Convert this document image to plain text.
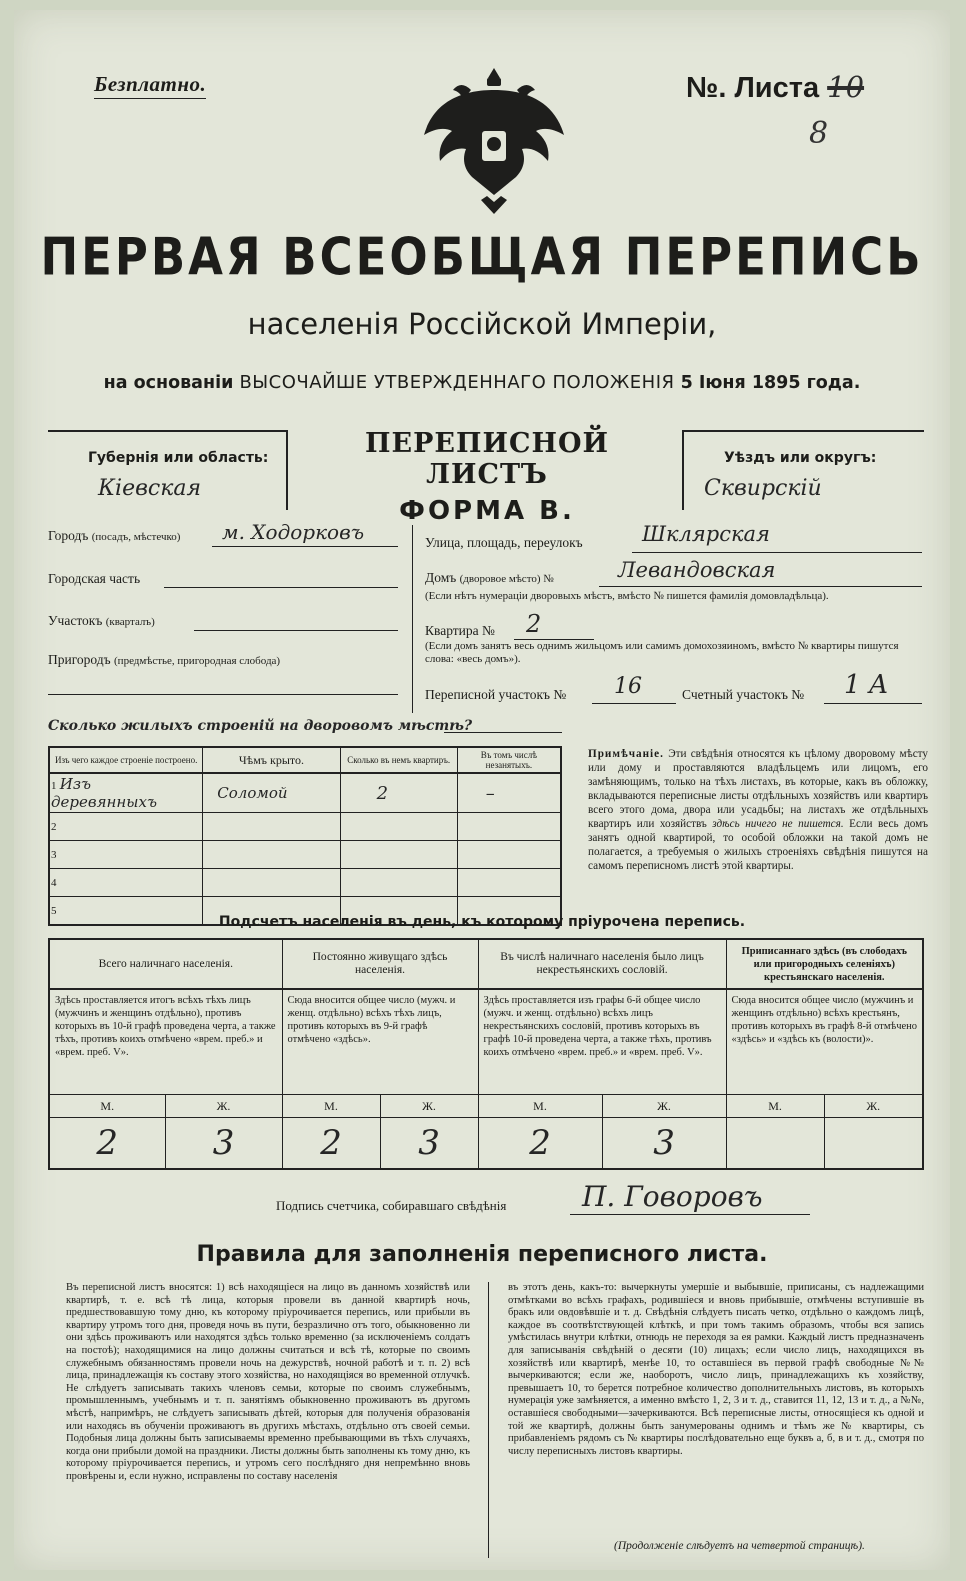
Безплатно.	№. Листа 10
8
ПЕРВАЯ ВСЕОБЩАЯ ПЕРЕПИСЬ
населенія Россійской Имперіи,
на основаніи ВЫСОЧАЙШЕ УТВЕРЖДЕННАГО ПОЛОЖЕНІЯ 5 Іюня 1895 года.
Губернія или область:
Кіевская
ПЕРЕПИСНОЙ ЛИСТЪ
ФОРМА В.
Уѣздъ или округъ:
Сквирскій
Городъ (посадъ, мѣстечко) м. Ходорковъ
Городская часть
Участокъ (кварталъ)
Пригородъ (предмѣстье, пригородная слобода)
Улица, площадь, переулокъ	Шклярская
Домъ (дворовое мѣсто) №	Левандовская
(Если нѣтъ нумераціи дворовыхъ мѣстъ, вмѣсто № пишется фамилія домовладѣльца).
Квартира № 2
(Если домъ занятъ весь однимъ жильцомъ или самимъ домохозяиномъ, вмѣсто № квартиры пишутся слова: «весь домъ»).
Переписной участокъ № 16	Счетный участокъ № 1 А
Сколько жилыхъ строеній на дворовомъ мѣстѣ?
Изъ чего каждое строеніе построено.	Чѣмъ крыто.	Сколько въ немъ квартиръ.	Въ томъ числѣ незанятыхъ.
1 Изъ деревянныхъ	Соломой	2	–
2			
3			
4			
5			
Примѣчаніе. Эти свѣдѣнія относятся къ цѣлому дворовому мѣсту или дому и проставляются владѣльцемъ или лицомъ, его замѣняющимъ, только на тѣхъ листахъ, въ которые, какъ въ обложку, вкладываются переписные листы отдѣльныхъ хозяйствъ или квартиръ всего этого дома, двора или усадьбы; на листахъ же отдѣльныхъ квартиръ или хозяйствъ здѣсь ничего не пишется. Если весь домъ занятъ одной квартирой, то особой обложки на такой домъ не полагается, а требуемыя о жилыхъ строеніяхъ свѣдѣнія пишутся на самомъ переписномъ листѣ этой квартиры.
Подсчетъ населенія въ день, къ которому пріурочена перепись.
Всего наличнаго населенія.		Постоянно живущаго здѣсь населенія.		Въ числѣ наличнаго населенія было лицъ некрестьянскихъ сословій.		Приписаннаго здѣсь (въ слободахъ или пригородныхъ селеніяхъ) крестьянскаго населенія.	
Здѣсь проставляется итогъ всѣхъ тѣхъ лицъ (мужчинъ и женщинъ отдѣльно), противъ которыхъ въ 10-й графѣ проведена черта, а также тѣхъ, противъ коихъ отмѣчено «врем. преб.» и «врем. преб. V».		Сюда вносится общее число (мужч. и женщ. отдѣльно) всѣхъ тѣхъ лицъ, противъ которыхъ въ 9-й графѣ отмѣчено «здѣсь».		Здѣсь проставляется изъ графы 6-й общее число (мужч. и женщ. отдѣльно) всѣхъ лицъ некрестьянскихъ сословій, противъ которыхъ въ графѣ 10-й проведена черта, а также тѣхъ, противъ коихъ отмѣчено «врем. преб.» и «врем. преб. V».		Сюда вносится общее число (мужчинъ и женщинъ отдѣльно) всѣхъ крестьянъ, противъ которыхъ въ графѣ 8-й отмѣчено «здѣсь» и «здѣсь къ (волости)».	
М.	Ж.	М.	Ж.	М.	Ж.	М.	Ж.
2	3	2	3	2	3		
Подпись счетчика, собиравшаго свѣдѣнія	П. Говоровъ
Правила для заполненія переписного листа.
Въ переписной листъ вносятся: 1) всѣ находящіеся на лицо въ данномъ хозяйствѣ или квартирѣ, т. е. всѣ тѣ лица, которыя провели въ данной квартирѣ ночь, предшествовавшую тому дню, къ которому пріурочивается перепись, или прибыли въ квартиру утромъ того дня, проведя ночь въ пути, безразлично отъ того, обыкновенно ли они здѣсь проживаютъ или находятся здѣсь только временно (за исключеніемъ солдатъ на постоѣ); находящимися на лицо должны считаться и всѣ тѣ, которые по своимъ служебнымъ обязанностямъ провели ночь на дежурствѣ, ночной работѣ и т. п. 2) всѣ лица, принадлежащія къ составу этого хозяйства, но находящіяся во временной отлучкѣ. Не слѣдуетъ записывать такихъ членовъ семьи, которые по своимъ служебнымъ, промышленнымъ, учебнымъ и т. п. занятіямъ обыкновенно проживаютъ въ другомъ мѣстѣ, напримѣръ, не слѣдуетъ записывать дѣтей, которыя для полученія образованія или находясь въ обученіи проживаютъ въ другихъ мѣстахъ, отдѣльно отъ своей семьи. Подобныя лица должны быть записываемы временно пребывающими въ тѣхъ случаяхъ, когда они прибыли домой на праздники. Листы должны быть заполнены къ тому дню, къ которому пріурочивается перепись, и утромъ сего послѣдняго дня непремѣнно вновь провѣрены и, если нужно, исправлены по составу населенія
въ этотъ день, какъ-то: вычеркнуты умершіе и выбывшіе, приписаны, съ надлежащими отмѣтками во всѣхъ графахъ, родившіеся и вновь прибывшіе, отмѣчены вступившіе въ бракъ или овдовѣвшіе и т. д. Свѣдѣнія слѣдуетъ писать четко, отдѣльно о каждомъ лицѣ, каждое въ соотвѣтствующей клѣткѣ, и при томъ такимъ образомъ, чтобы вся запись умѣстилась внутри клѣтки, отнюдь не переходя за ея рамки. Каждый листъ предназначенъ для записыванія свѣдѣній о десяти (10) лицахъ; если число лицъ, находящихся въ хозяйствѣ или квартирѣ, менѣе 10, то оставшіеся въ первой графѣ свободные №№ вычеркиваются; если же, наоборотъ, число лицъ, принадлежащихъ къ хозяйству, превышаетъ 10, то берется потребное количество дополнительныхъ листовъ, въ которыхъ нумерація уже замѣняется, а именно вмѣсто 1, 2, 3 и т. д., ставится 11, 12, 13 и т. д., а №№, оставшіеся свободными—зачеркиваются. Всѣ переписные листы, относящіеся къ одной и той же квартирѣ, должны быть занумерованы однимъ и тѣмъ же № квартиры, съ прибавленіемъ рядомъ съ № квартиры послѣдовательно еще буквъ а, б, в и т. д., смотря по числу переписныхъ листовъ квартиры.
(Продолженіе слѣдуетъ на четвертой страницѣ).
